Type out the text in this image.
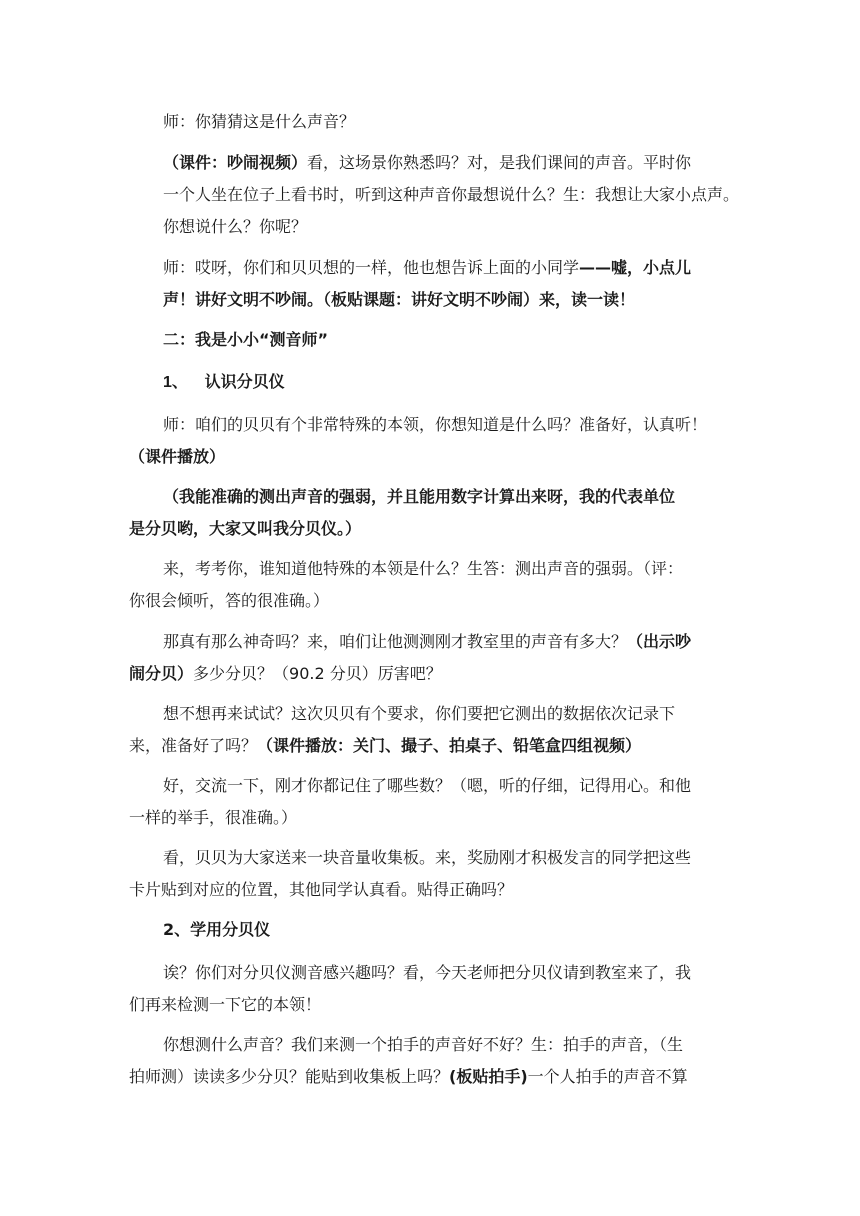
师：你猜猜这是什么声音？

（课件：吵闹视频）看，这场景你熟悉吗？对，是我们课间的声音。平时你
一个人坐在位子上看书时，听到这种声音你最想说什么？生：我想让大家小点声。
你想说什么？你呢？

师：哎呀，你们和贝贝想的一样，他也想告诉上面的小同学——嘘，小点儿
声！讲好文明不吵闹。（板贴课题：讲好文明不吵闹）来，读一读！

二：我是小小“测音师”

1、 认识分贝仪

师：咱们的贝贝有个非常特殊的本领，你想知道是什么吗？准备好，认真听！
（课件播放）

（我能准确的测出声音的强弱，并且能用数字计算出来呀，我的代表单位
是分贝哟，大家又叫我分贝仪。）

来，考考你，谁知道他特殊的本领是什么？生答：测出声音的强弱。（评：
你很会倾听，答的很准确。）

那真有那么神奇吗？来，咱们让他测测刚才教室里的声音有多大？（出示吵
闹分贝）多少分贝？（90.2 分贝）厉害吧？

想不想再来试试？这次贝贝有个要求，你们要把它测出的数据依次记录下
来，准备好了吗？（课件播放：关门、撮子、拍桌子、铅笔盒四组视频）

好，交流一下，刚才你都记住了哪些数？（嗯，听的仔细，记得用心。和他
一样的举手，很准确。）

看，贝贝为大家送来一块音量收集板。来，奖励刚才积极发言的同学把这些
卡片贴到对应的位置，其他同学认真看。贴得正确吗？

2、学用分贝仪

诶？你们对分贝仪测音感兴趣吗？看，今天老师把分贝仪请到教室来了，我
们再来检测一下它的本领！

你想测什么声音？我们来测一个拍手的声音好不好？生：拍手的声音，（生
拍师测）读读多少分贝？能贴到收集板上吗？(板贴拍手)一个人拍手的声音不算
